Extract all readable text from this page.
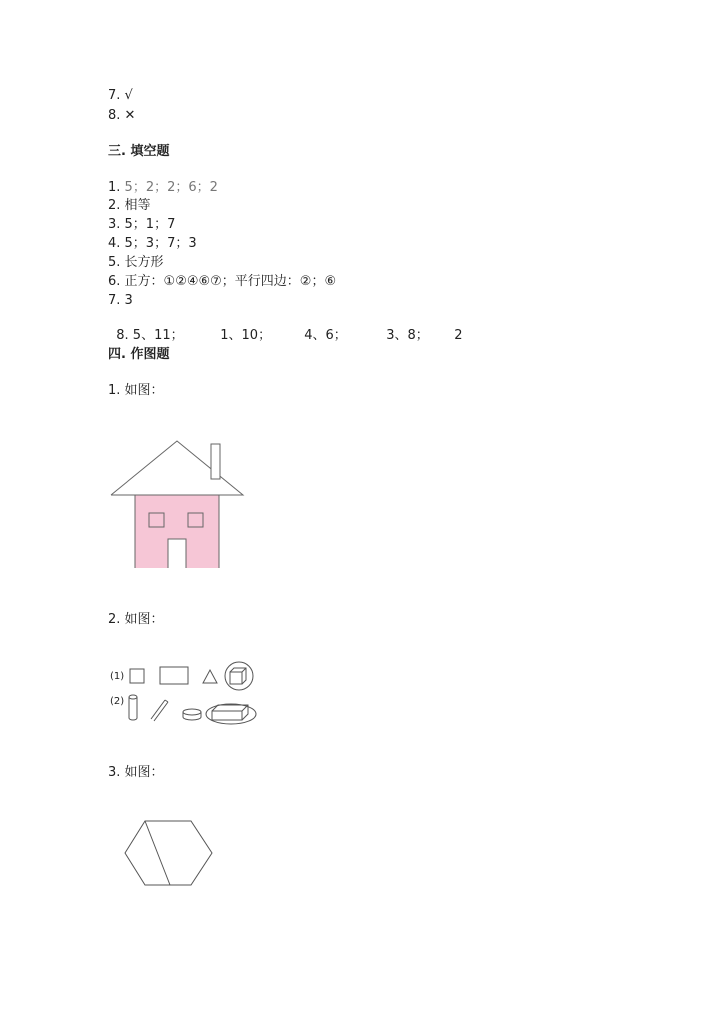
7. √
8. ✕
三. 填空题
1. 5；2；2；6；2
2. 相等
3. 5；1；7
4. 5；3；7；3
5. 长方形
6. 正方：①②④⑥⑦；平行四边：②；⑥
7. 3

8. 5、11；	1、10；	4、6；	3、8； 2

四. 作图题
1. 如图：
2. 如图：
(1)
(2)
3. 如图：
